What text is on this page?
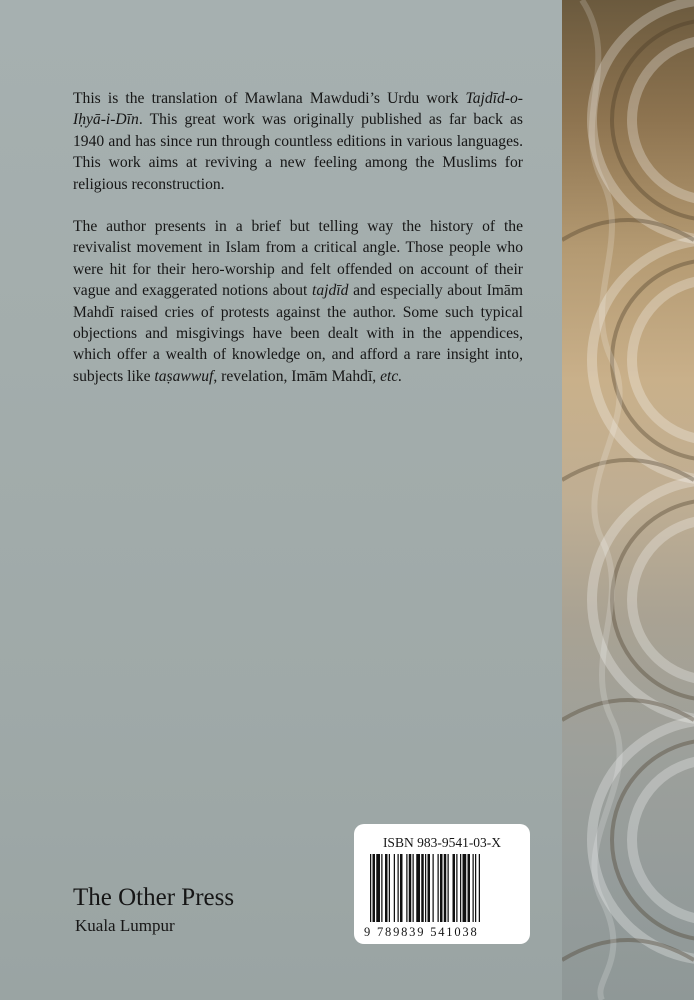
This is the translation of Mawlana Mawdudi’s Urdu work Tajdīd-o-Iḥyā-i-Dīn. This great work was originally published as far back as 1940 and has since run through countless editions in various languages. This work aims at reviving a new feeling among the Muslims for religious reconstruction.

The author presents in a brief but telling way the history of the revivalist movement in Islam from a critical angle. Those people who were hit for their hero-worship and felt offended on account of their vague and exaggerated notions about tajdīd and especially about Imām Mahdī raised cries of protests against the author. Some such typical objections and misgivings have been dealt with in the appendices, which offer a wealth of knowledge on, and afford a rare insight into, subjects like taṣawwuf, revelation, Imām Mahdī, etc.

The Other Press
Kuala Lumpur
ISBN 983-9541-03-X
9 789839 541038
